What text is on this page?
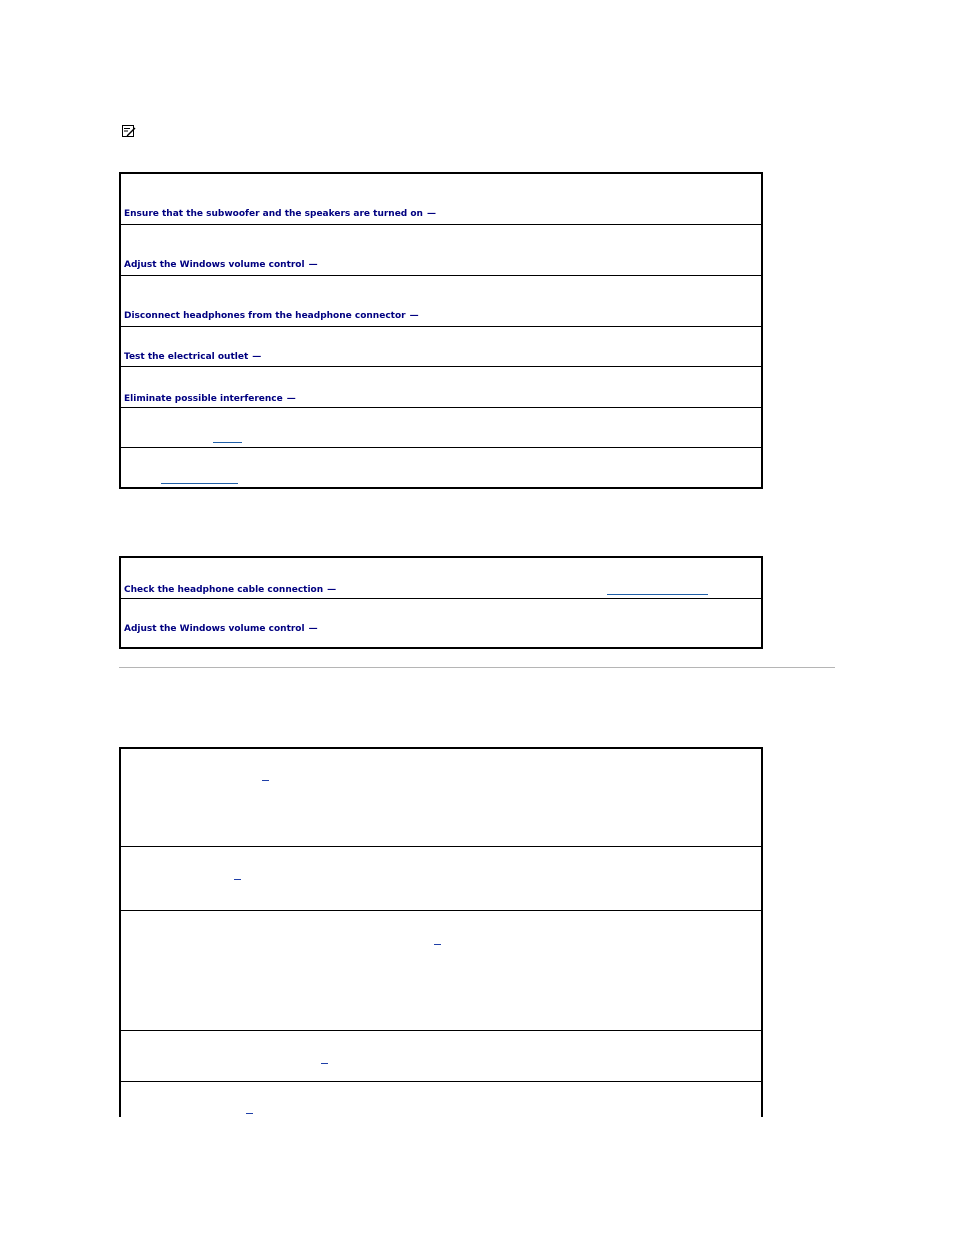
Ensure that the subwoofer and the speakers are turned on —
Adjust the Windows volume control —
Disconnect headphones from the headphone connector —
Test the electrical outlet —
Eliminate possible interference —
Check the headphone cable connection —
Adjust the Windows volume control —
